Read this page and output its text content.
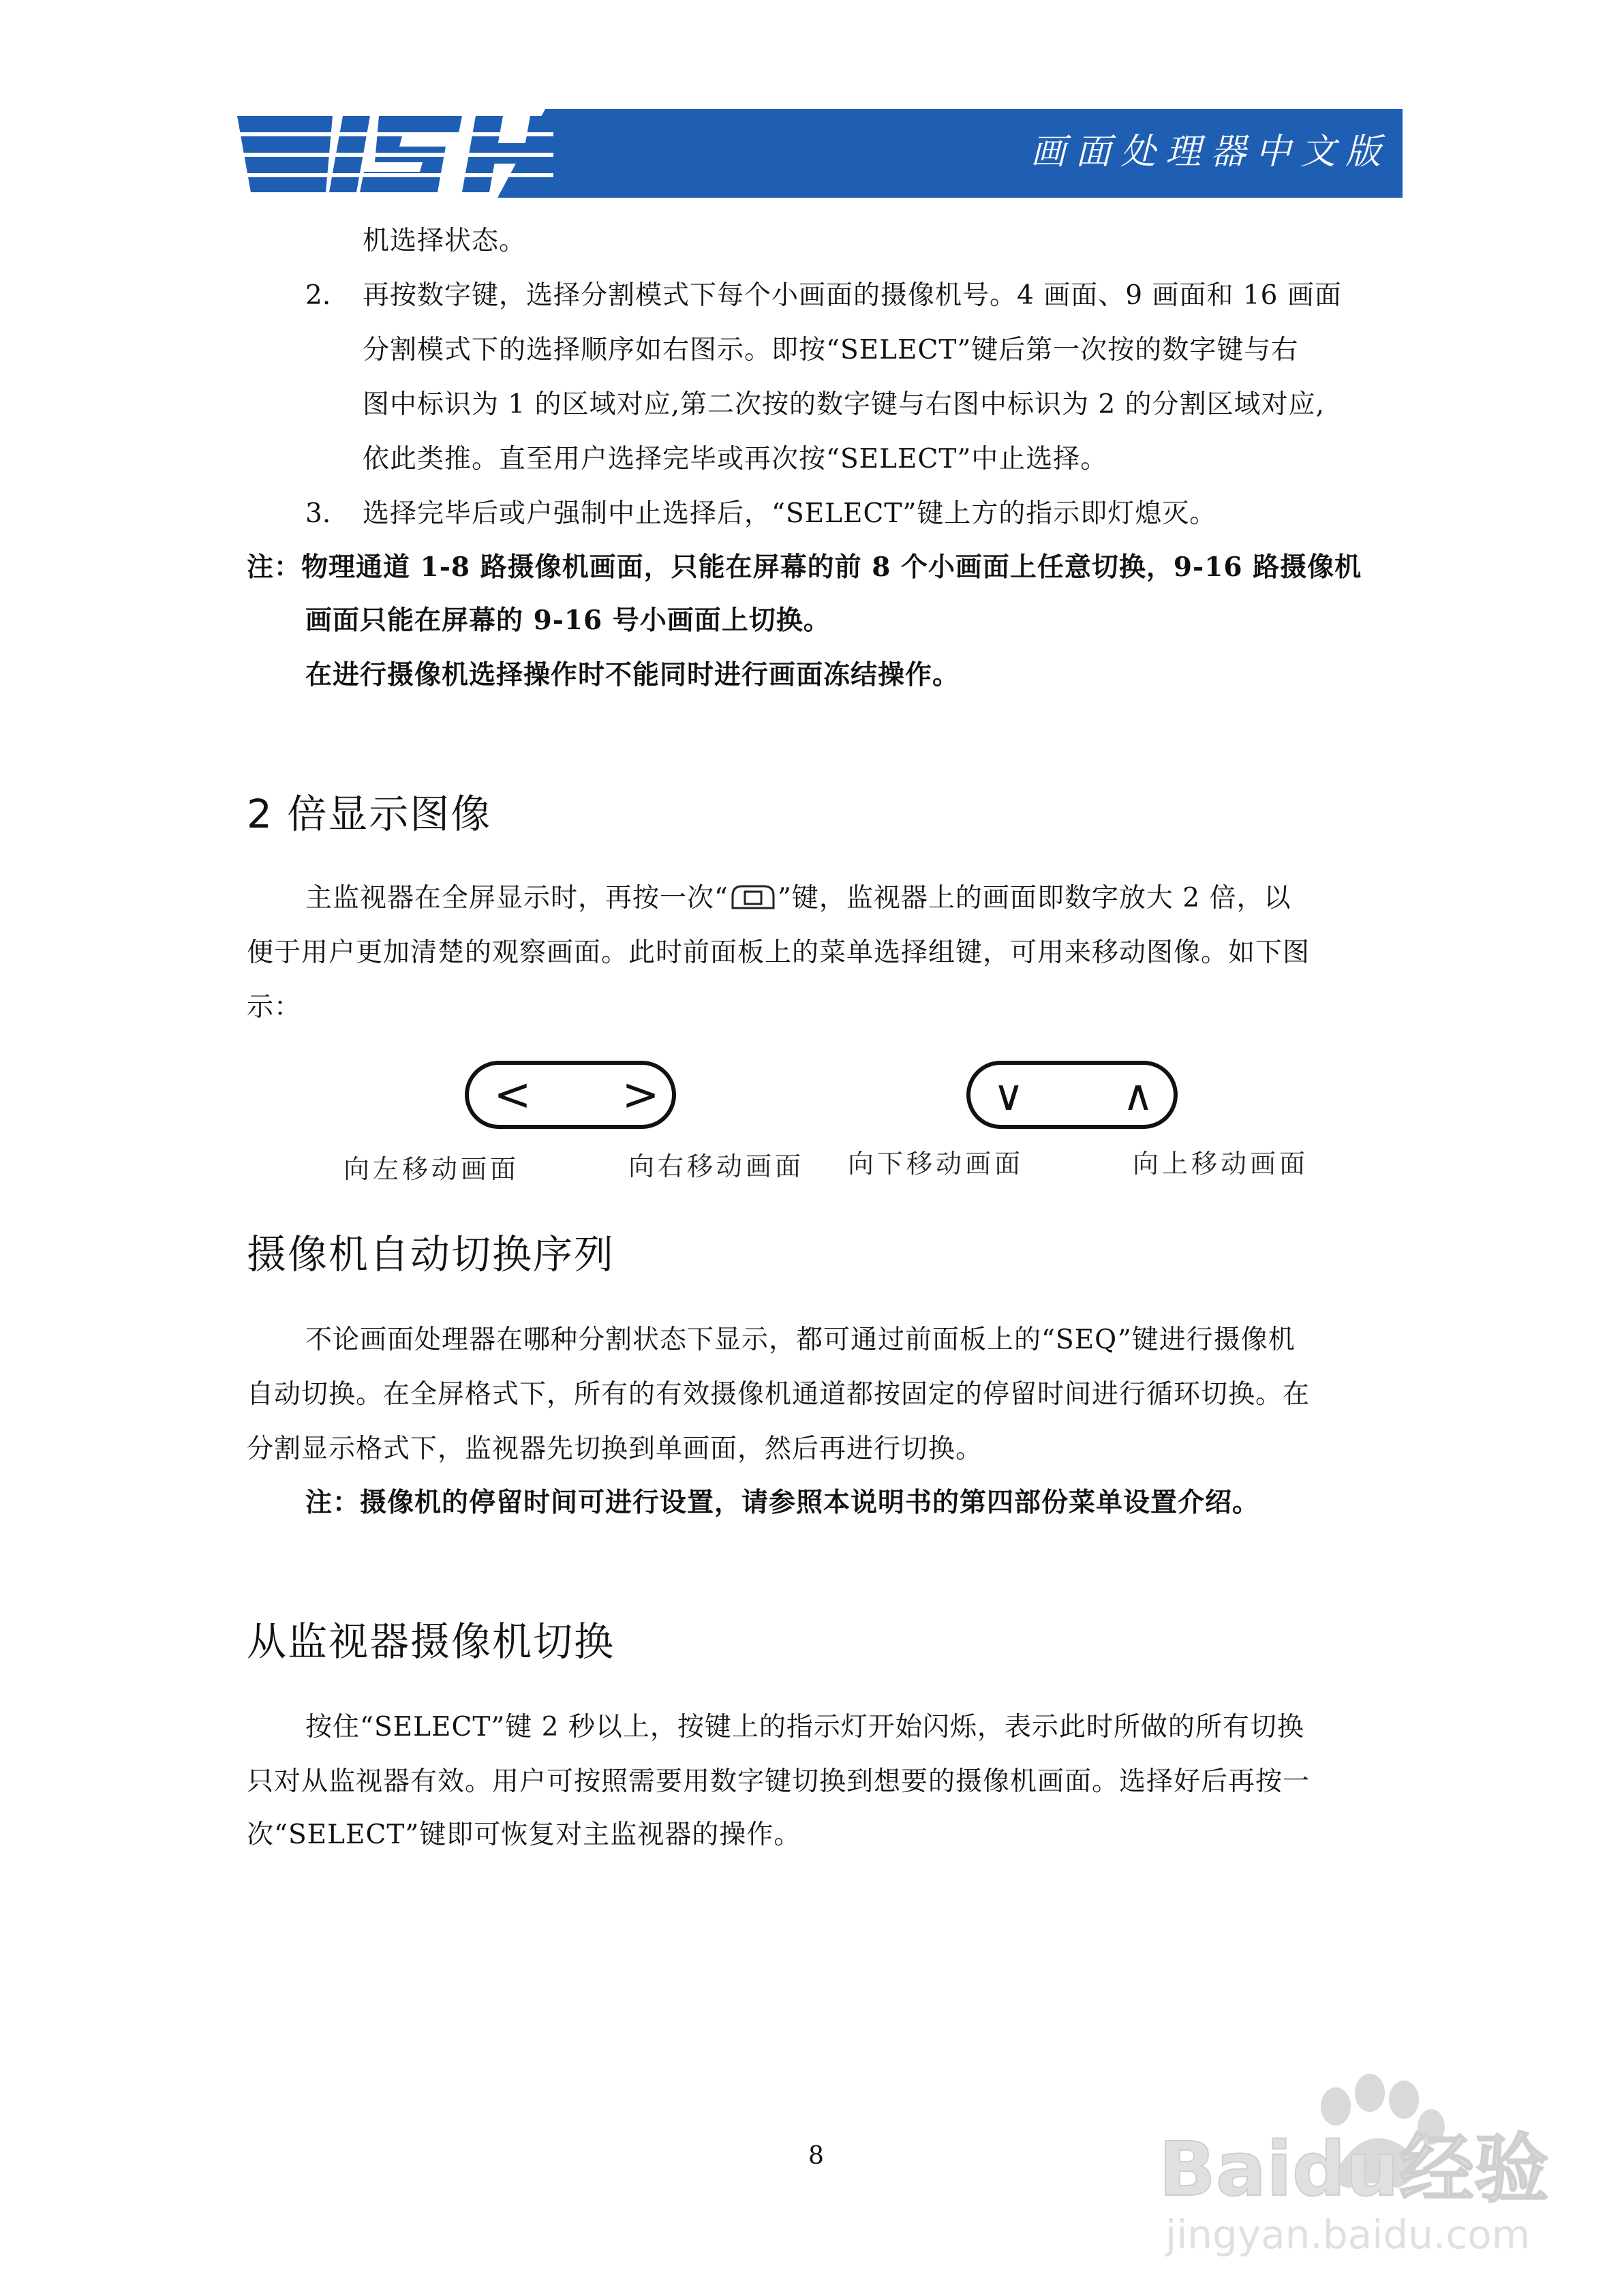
画面处理器中文版
WISH
机选择状态。
2. 再按数字键，选择分割模式下每个小画面的摄像机号。4 画面、9 画面和 16 画面
分割模式下的选择顺序如右图示。即按“SELECT”键后第一次按的数字键与右
图中标识为 1 的区域对应,第二次按的数字键与右图中标识为 2 的分割区域对应,
依此类推。直至用户选择完毕或再次按“SELECT”中止选择。
3. 选择完毕后或户强制中止选择后，“SELECT”键上方的指示即灯熄灭。
注：物理通道 1-8 路摄像机画面，只能在屏幕的前 8 个小画面上任意切换，9-16 路摄像机
画面只能在屏幕的 9-16 号小画面上切换。
在进行摄像机选择操作时不能同时进行画面冻结操作。
2 倍显示图像
主监视器在全屏显示时，再按一次“ ”键，监视器上的画面即数字放大 2 倍，以
便于用户更加清楚的观察画面。此时前面板上的菜单选择组键，可用来移动图像。如下图
示：
< >	∨ ∧
向左移动画面	向右移动画面 向下移动画面	向上移动画面
摄像机自动切换序列
不论画面处理器在哪种分割状态下显示，都可通过前面板上的“SEQ”键进行摄像机
自动切换。在全屏格式下，所有的有效摄像机通道都按固定的停留时间进行循环切换。在
分割显示格式下，监视器先切换到单画面，然后再进行切换。
注：摄像机的停留时间可进行设置，请参照本说明书的第四部份菜单设置介绍。
从监视器摄像机切换
按住“SELECT”键 2 秒以上，按键上的指示灯开始闪烁，表示此时所做的所有切换
只对从监视器有效。用户可按照需要用数字键切换到想要的摄像机画面。选择好后再按一
次“SELECT”键即可恢复对主监视器的操作。
8	Baidu经验
jingyan.baidu.com
